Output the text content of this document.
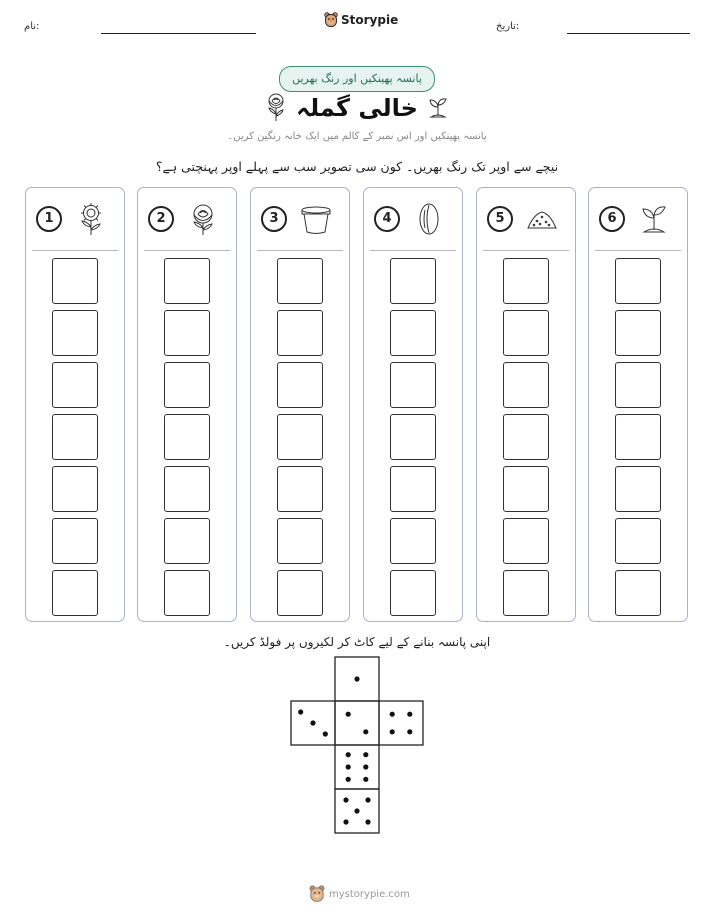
نام:	Storypie	تاریخ:
پانسہ پھینکیں اور رنگ بھریں
خالی گملہ
پانسہ پھینکیں اور اس نمبر کے کالم میں ایک خانہ رنگین کریں۔
نیچے سے اوپر تک رنگ بھریں۔ کون سی تصویر سب سے پہلے اوپر پہنچتی ہے؟
1	2	3	4	5	6
اپنی پانسہ بنانے کے لیے کاٹ کر لکیروں پر فولڈ کریں۔
mystorypie.com
